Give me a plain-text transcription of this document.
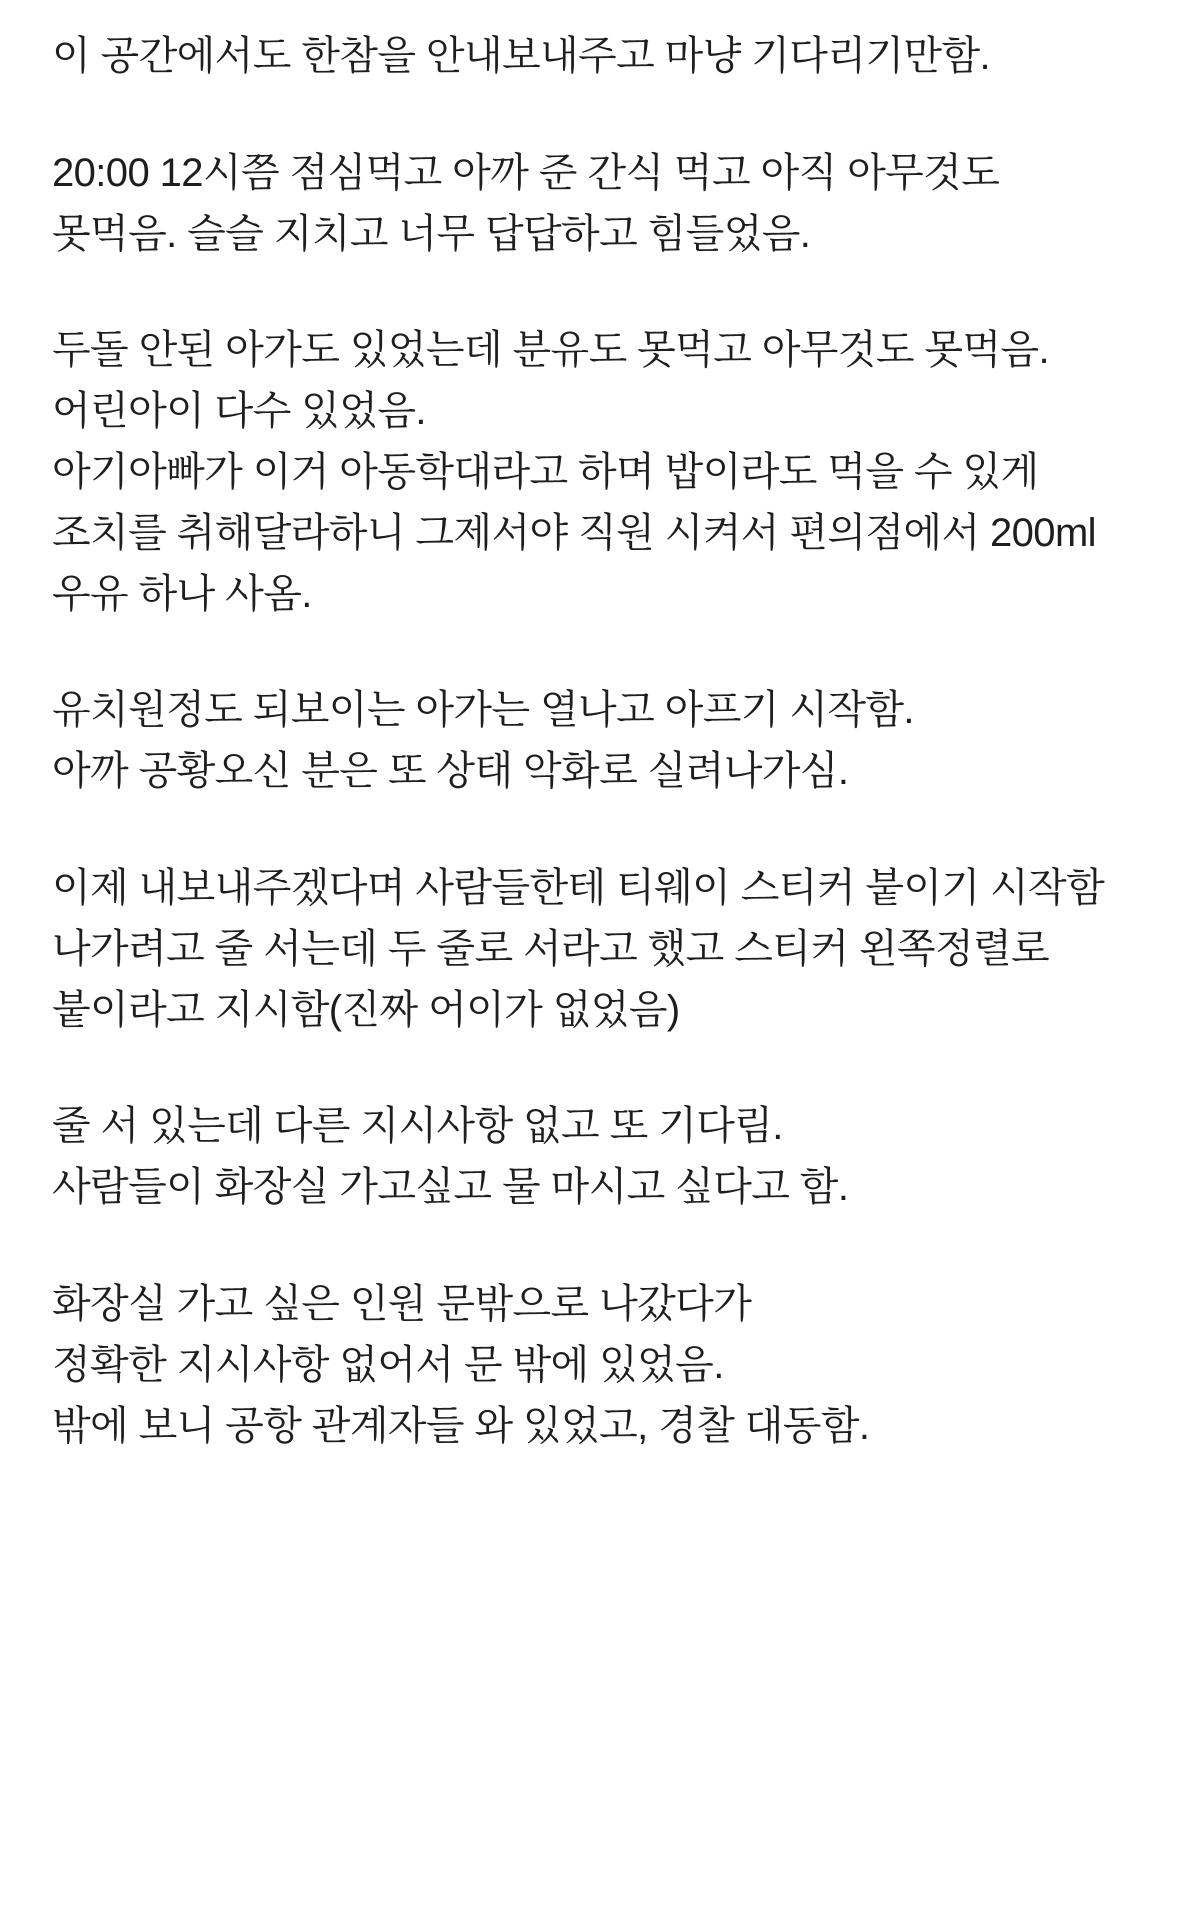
이 공간에서도 한참을 안내보내주고 마냥 기다리기만함.

20:00 12시쯤 점심먹고 아까 준 간식 먹고 아직 아무것도 못먹음. 슬슬 지치고 너무 답답하고 힘들었음.

두돌 안된 아가도 있었는데 분유도 못먹고 아무것도 못먹음.

어린아이 다수 있었음.

아기아빠가 이거 아동학대라고 하며 밥이라도 먹을 수 있게 조치를 취해달라하니 그제서야 직원 시켜서 편의점에서 200ml 우유 하나 사옴.

유치원정도 되보이는 아가는 열나고 아프기 시작함.

아까 공황오신 분은 또 상태 악화로 실려나가심.

이제 내보내주겠다며 사람들한테 티웨이 스티커 붙이기 시작함

나가려고 줄 서는데 두 줄로 서라고 했고 스티커 왼쪽정렬로 붙이라고 지시함(진짜 어이가 없었음)

줄 서 있는데 다른 지시사항 없고 또 기다림.

사람들이 화장실 가고싶고 물 마시고 싶다고 함.

화장실 가고 싶은 인원 문밖으로 나갔다가

정확한 지시사항 없어서 문 밖에 있었음.

밖에 보니 공항 관계자들 와 있었고, 경찰 대동함.
